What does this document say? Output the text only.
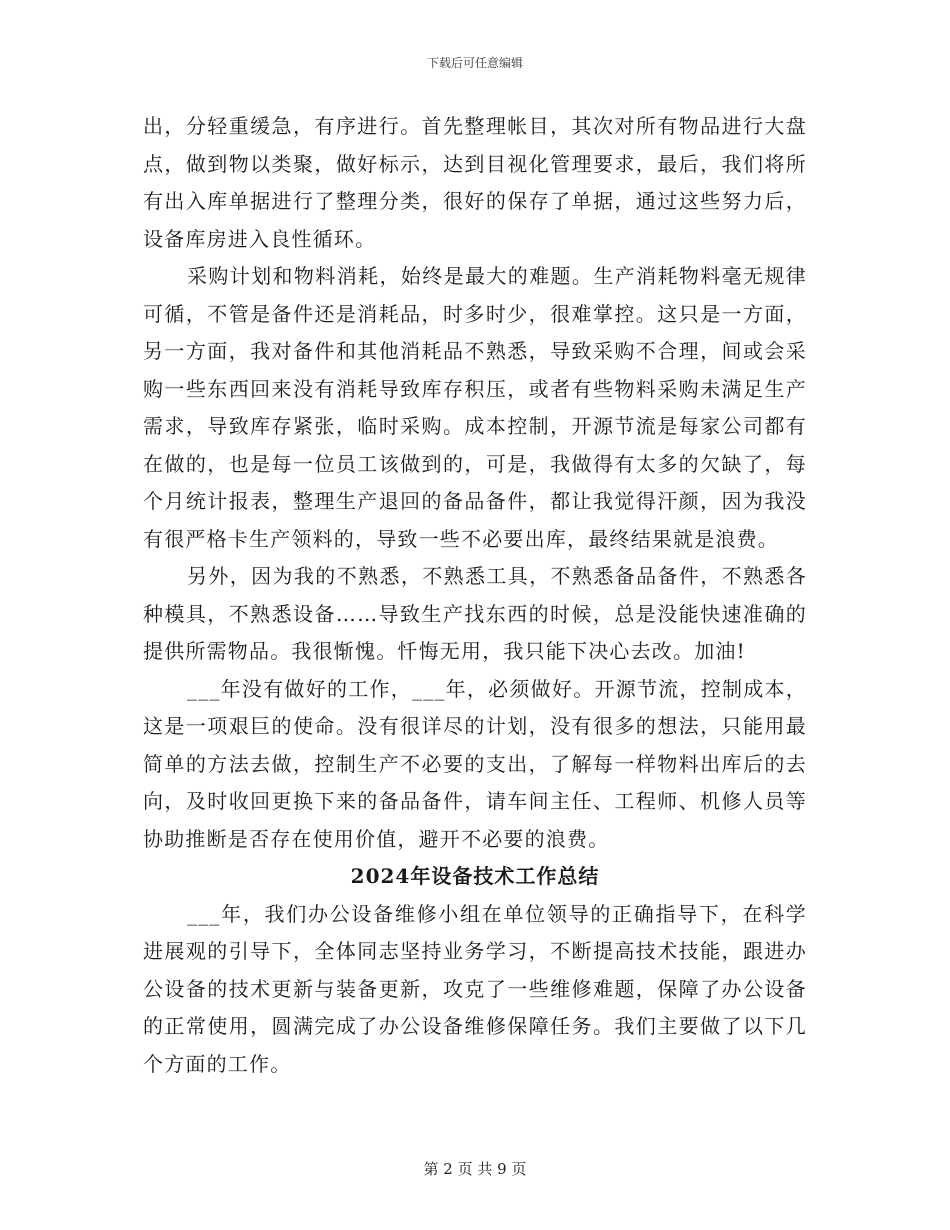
下载后可任意编辑

出，分轻重缓急，有序进行。首先整理帐目，其次对所有物品进行大盘点，做到物以类聚，做好标示，达到目视化管理要求，最后，我们将所有出入库单据进行了整理分类，很好的保存了单据，通过这些努力后，设备库房进入良性循环。

采购计划和物料消耗，始终是最大的难题。生产消耗物料毫无规律可循，不管是备件还是消耗品，时多时少，很难掌控。这只是一方面，另一方面，我对备件和其他消耗品不熟悉，导致采购不合理，间或会采购一些东西回来没有消耗导致库存积压，或者有些物料采购未满足生产需求，导致库存紧张，临时采购。成本控制，开源节流是每家公司都有在做的，也是每一位员工该做到的，可是，我做得有太多的欠缺了，每个月统计报表，整理生产退回的备品备件，都让我觉得汗颜，因为我没有很严格卡生产领料的，导致一些不必要出库，最终结果就是浪费。

另外，因为我的不熟悉，不熟悉工具，不熟悉备品备件，不熟悉各种模具，不熟悉设备……导致生产找东西的时候，总是没能快速准确的提供所需物品。我很惭愧。忏悔无用，我只能下决心去改。加油!

___年没有做好的工作，___年，必须做好。开源节流，控制成本，这是一项艰巨的使命。没有很详尽的计划，没有很多的想法，只能用最简单的方法去做，控制生产不必要的支出，了解每一样物料出库后的去向，及时收回更换下来的备品备件，请车间主任、工程师、机修人员等协助推断是否存在使用价值，避开不必要的浪费。

2024年设备技术工作总结

___年，我们办公设备维修小组在单位领导的正确指导下，在科学进展观的引导下，全体同志坚持业务学习，不断提高技术技能，跟进办公设备的技术更新与装备更新，攻克了一些维修难题，保障了办公设备的正常使用，圆满完成了办公设备维修保障任务。我们主要做了以下几个方面的工作。

第 2 页 共 9 页
